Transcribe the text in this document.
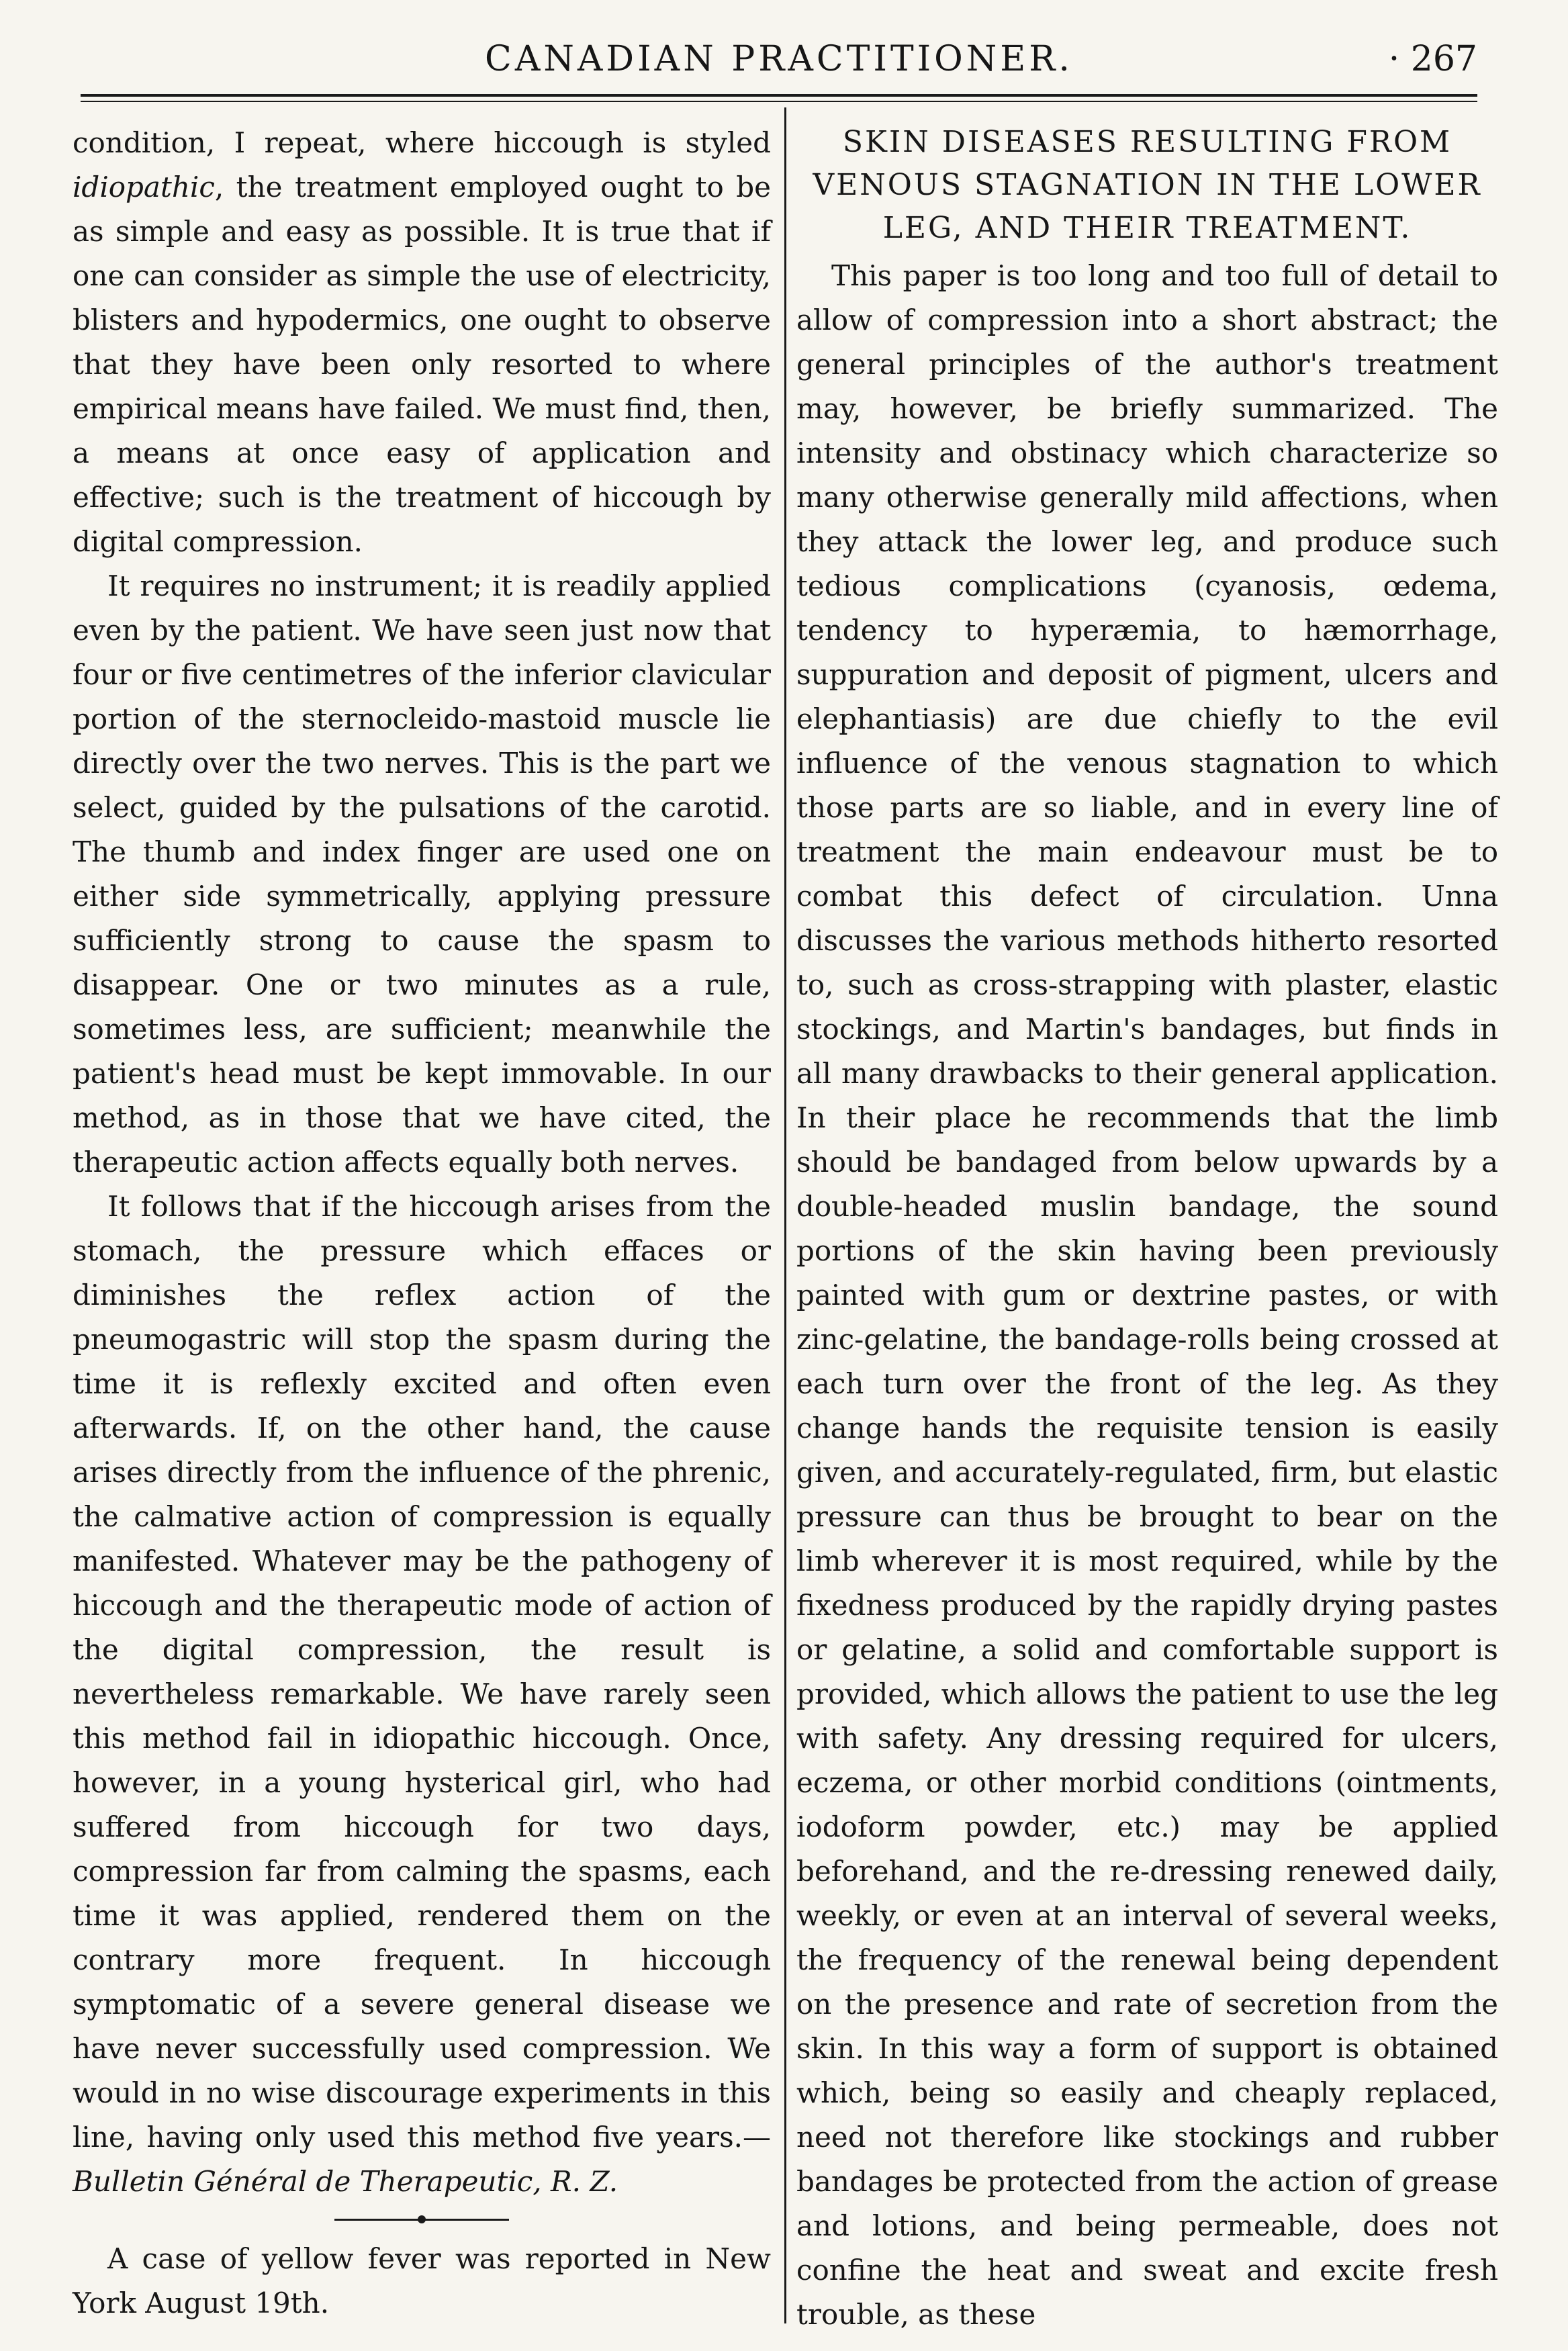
CANADIAN PRACTITIONER.	· 267

condition, I repeat, where hiccough is styled idiopathic, the treatment employed ought to be as simple and easy as possible. It is true that if one can consider as simple the use of electricity, blisters and hypodermics, one ought to observe that they have been only resorted to where empirical means have failed. We must find, then, a means at once easy of application and effective; such is the treatment of hiccough by digital compression.

It requires no instrument; it is readily applied even by the patient. We have seen just now that four or five centimetres of the inferior clavicular portion of the sternocleido-mastoid muscle lie directly over the two nerves. This is the part we select, guided by the pulsations of the carotid. The thumb and index finger are used one on either side symmetrically, applying pressure sufficiently strong to cause the spasm to disappear. One or two minutes as a rule, sometimes less, are sufficient; meanwhile the patient's head must be kept immovable. In our method, as in those that we have cited, the therapeutic action affects equally both nerves.

It follows that if the hiccough arises from the stomach, the pressure which effaces or diminishes the reflex action of the pneumogastric will stop the spasm during the time it is reflexly excited and often even afterwards. If, on the other hand, the cause arises directly from the influence of the phrenic, the calmative action of compression is equally manifested. Whatever may be the pathogeny of hiccough and the therapeutic mode of action of the digital compression, the result is nevertheless remarkable. We have rarely seen this method fail in idiopathic hiccough. Once, however, in a young hysterical girl, who had suffered from hiccough for two days, compression far from calming the spasms, each time it was applied, rendered them on the contrary more frequent. In hiccough symptomatic of a severe general disease we have never successfully used compression. We would in no wise discourage experiments in this line, having only used this method five years.—Bulletin Général de Therapeutic, R. Z.

A case of yellow fever was reported in New York August 19th.

SKIN DISEASES RESULTING FROM VENOUS STAGNATION IN THE LOWER LEG, AND THEIR TREATMENT.

This paper is too long and too full of detail to allow of compression into a short abstract; the general principles of the author's treatment may, however, be briefly summarized. The intensity and obstinacy which characterize so many otherwise generally mild affections, when they attack the lower leg, and produce such tedious complications (cyanosis, œdema, tendency to hyperæmia, to hæmorrhage, suppuration and deposit of pigment, ulcers and elephantiasis) are due chiefly to the evil influence of the venous stagnation to which those parts are so liable, and in every line of treatment the main endeavour must be to combat this defect of circulation. Unna discusses the various methods hitherto resorted to, such as cross-strapping with plaster, elastic stockings, and Martin's bandages, but finds in all many drawbacks to their general application. In their place he recommends that the limb should be bandaged from below upwards by a double-headed muslin bandage, the sound portions of the skin having been previously painted with gum or dextrine pastes, or with zinc-gelatine, the bandage-rolls being crossed at each turn over the front of the leg. As they change hands the requisite tension is easily given, and accurately-regulated, firm, but elastic pressure can thus be brought to bear on the limb wherever it is most required, while by the fixedness produced by the rapidly drying pastes or gelatine, a solid and comfortable support is provided, which allows the patient to use the leg with safety. Any dressing required for ulcers, eczema, or other morbid conditions (ointments, iodoform powder, etc.) may be applied beforehand, and the re-dressing renewed daily, weekly, or even at an interval of several weeks, the frequency of the renewal being dependent on the presence and rate of secretion from the skin. In this way a form of support is obtained which, being so easily and cheaply replaced, need not therefore like stockings and rubber bandages be protected from the action of grease and lotions, and being permeable, does not confine the heat and sweat and excite fresh trouble, as these
